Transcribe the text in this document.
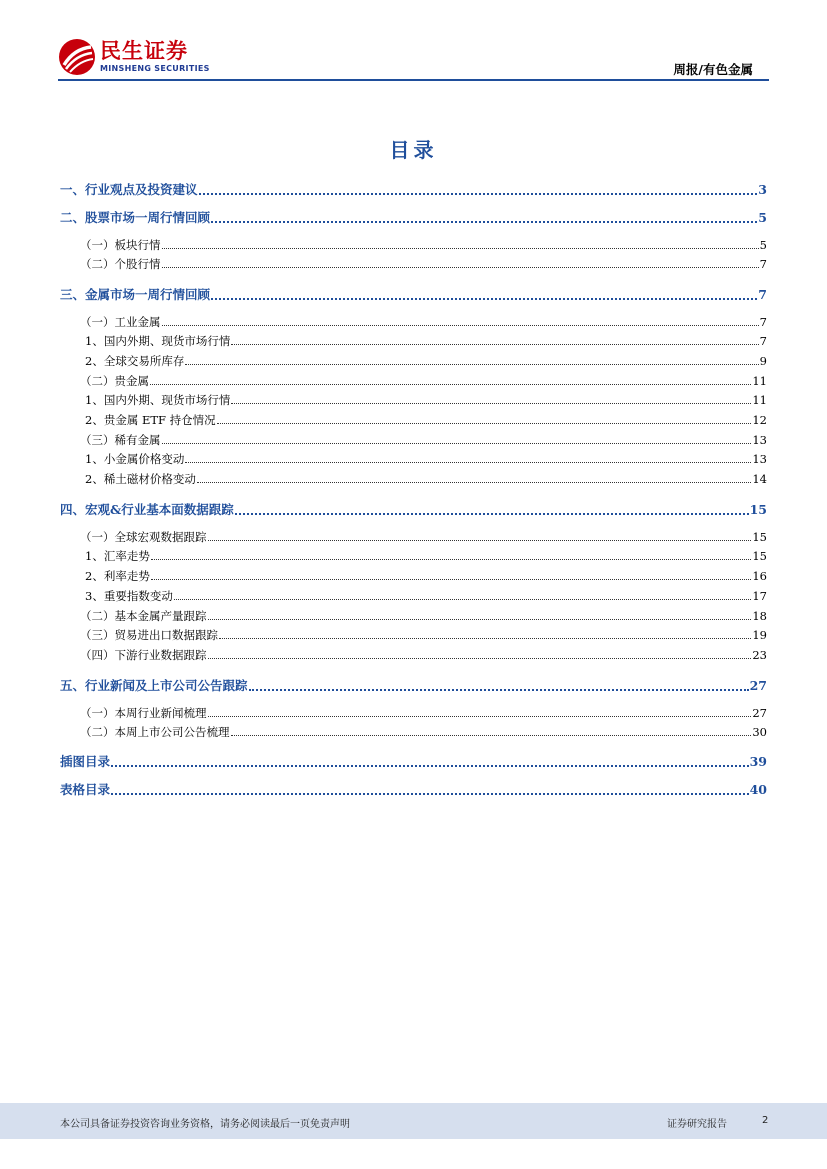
民生证券
MINSHENG SECURITIES	周报/有色金属
目录
一、行业观点及投资建议	3
二、股票市场一周行情回顾	5
（一）板块行情	5
（二）个股行情	7
三、金属市场一周行情回顾	7
（一）工业金属	7
1、国内外期、现货市场行情	7
2、全球交易所库存	9
（二）贵金属	11
1、国内外期、现货市场行情	11
2、贵金属 ETF 持仓情况	12
（三）稀有金属	13
1、小金属价格变动	13
2、稀土磁材价格变动	14
四、宏观&行业基本面数据跟踪	15
（一）全球宏观数据跟踪	15
1、汇率走势	15
2、利率走势	16
3、重要指数变动	17
（二）基本金属产量跟踪	18
（三）贸易进出口数据跟踪	19
（四）下游行业数据跟踪	23
五、行业新闻及上市公司公告跟踪	27
（一）本周行业新闻梳理	27
（二）本周上市公司公告梳理	30
插图目录	39
表格目录	40
本公司具备证券投资咨询业务资格，请务必阅读最后一页免责声明	证券研究报告	2
